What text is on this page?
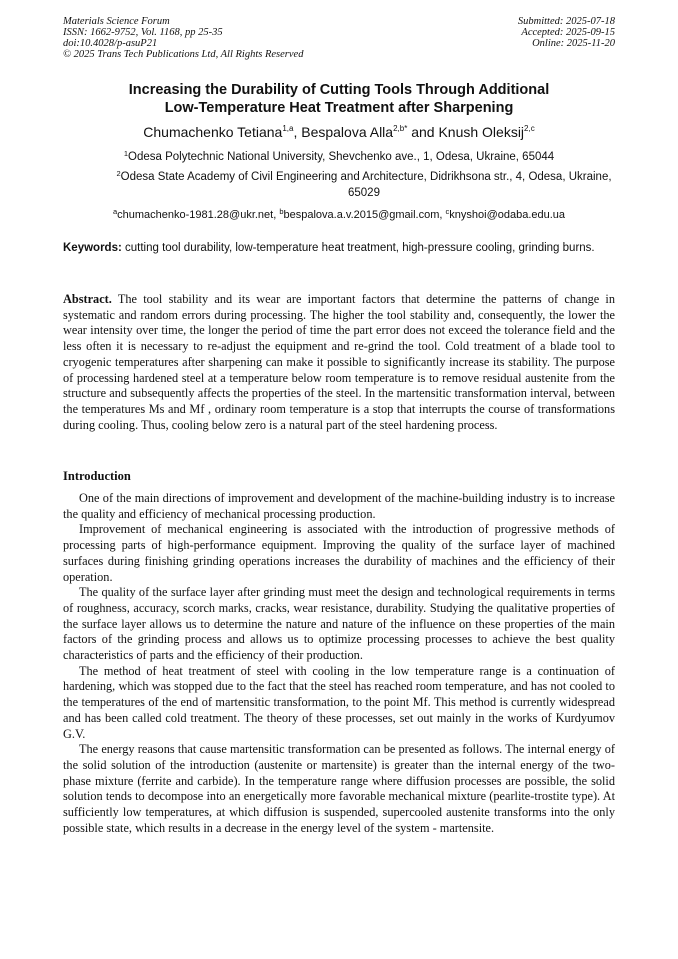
Materials Science Forum
ISSN: 1662-9752, Vol. 1168, pp 25-35
doi:10.4028/p-asuP21
© 2025 Trans Tech Publications Ltd, All Rights Reserved
Submitted: 2025-07-18
Accepted: 2025-09-15
Online: 2025-11-20
Increasing the Durability of Cutting Tools Through Additional
Low-Temperature Heat Treatment after Sharpening
Chumachenko Tetiana$^{1,a}$, Bespalova Alla$^{2,b*}$ and Knush Oleksij$^{2,c}$
$^1$Odesa Polytechnic National University, Shevchenko ave., 1, Odesa, Ukraine, 65044
$^2$Odesa State Academy of Civil Engineering and Architecture, Didrikhsona str., 4, Odesa, Ukraine, 65029
$^a$chumachenko-1981.28@ukr.net, $^b$bespalova.a.v.2015@gmail.com, $^c$knyshoi@odaba.edu.ua
Keywords: cutting tool durability, low-temperature heat treatment, high-pressure cooling, grinding burns.
Abstract. The tool stability and its wear are important factors that determine the patterns of change in systematic and random errors during processing. The higher the tool stability and, consequently, the lower the wear intensity over time, the longer the period of time the part error does not exceed the tolerance field and the less often it is necessary to re-adjust the equipment and re-grind the tool. Cold treatment of a blade tool to cryogenic temperatures after sharpening can make it possible to significantly increase its stability. The purpose of processing hardened steel at a temperature below room temperature is to remove residual austenite from the structure and subsequently affects the properties of the steel. In the martensitic transformation interval, between the temperatures Ms and Mf , ordinary room temperature is a stop that interrupts the course of transformations during cooling. Thus, cooling below zero is a natural part of the steel hardening process.
Introduction

One of the main directions of improvement and development of the machine-building industry is to increase the quality and efficiency of mechanical processing production.

Improvement of mechanical engineering is associated with the introduction of progressive methods of processing parts of high-performance equipment. Improving the quality of the surface layer of machined surfaces during finishing grinding operations increases the durability of machines and the efficiency of their operation.

The quality of the surface layer after grinding must meet the design and technological requirements in terms of roughness, accuracy, scorch marks, cracks, wear resistance, durability. Studying the qualitative properties of the surface layer allows us to determine the nature and nature of the influence on these properties of the main factors of the grinding process and allows us to optimize processing processes to achieve the best quality characteristics of parts and the efficiency of their production.

The method of heat treatment of steel with cooling in the low temperature range is a continuation of hardening, which was stopped due to the fact that the steel has reached room temperature, and has not cooled to the temperatures of the end of martensitic transformation, to the point Mf. This method is currently widespread and has been called cold treatment. The theory of these processes, set out mainly in the works of Kurdyumov G.V.

The energy reasons that cause martensitic transformation can be presented as follows. The internal energy of the solid solution of the introduction (austenite or martensite) is greater than the internal energy of the two-phase mixture (ferrite and carbide). In the temperature range where diffusion processes are possible, the solid solution tends to decompose into an energetically more favorable mechanical mixture (pearlite-trostite type). At sufficiently low temperatures, at which diffusion is suspended, supercooled austenite transforms into the only possible state, which results in a decrease in the energy level of the system - martensite.
